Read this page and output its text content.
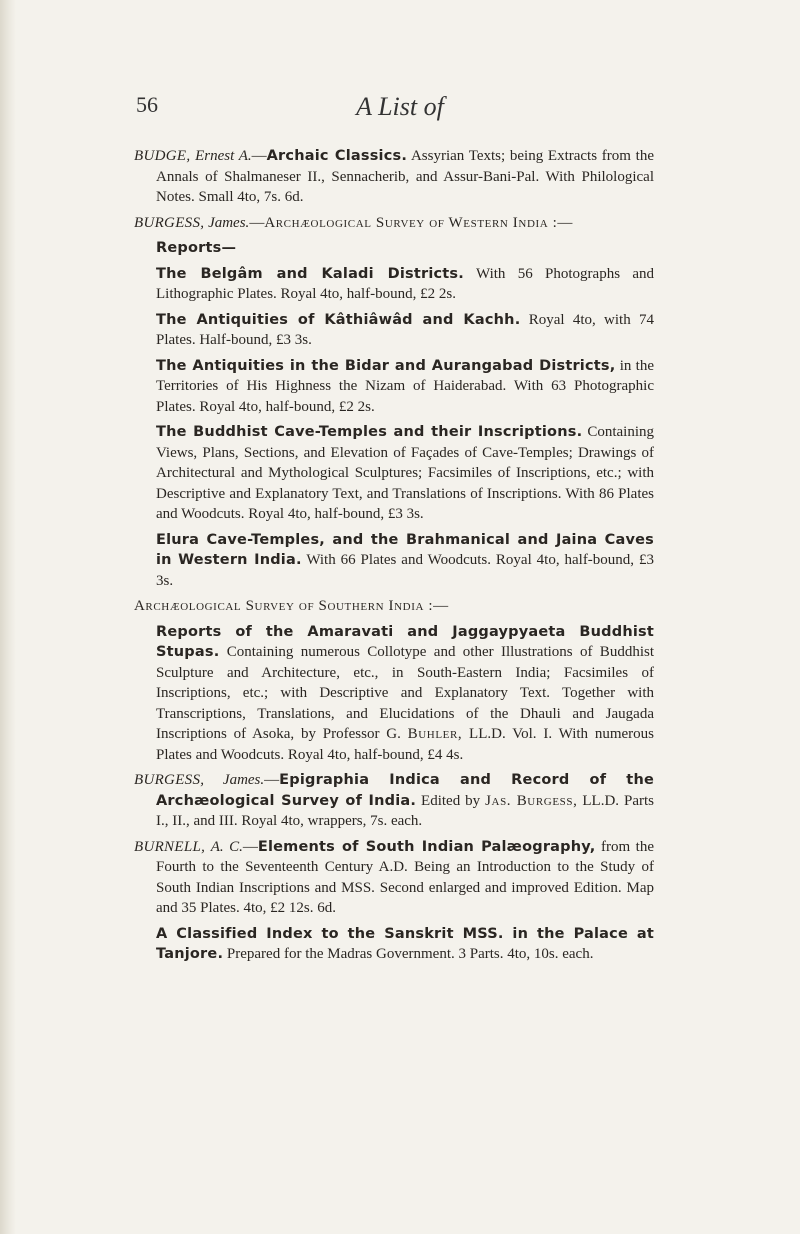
56	A List of

BUDGE, Ernest A.—Archaic Classics. Assyrian Texts; being Extracts from the Annals of Shalmaneser II., Sennacherib, and Assur-Bani-Pal. With Philological Notes. Small 4to, 7s. 6d.

BURGESS, James.—Archæological Survey of Western India :—

Reports—

The Belgâm and Kaladi Districts. With 56 Photographs and Lithographic Plates. Royal 4to, half-bound, £2 2s.

The Antiquities of Kâthiâwâd and Kachh. Royal 4to, with 74 Plates. Half-bound, £3 3s.

The Antiquities in the Bidar and Aurangabad Districts, in the Territories of His Highness the Nizam of Haiderabad. With 63 Photographic Plates. Royal 4to, half-bound, £2 2s.

The Buddhist Cave-Temples and their Inscriptions. Containing Views, Plans, Sections, and Elevation of Façades of Cave-Temples; Drawings of Architectural and Mythological Sculptures; Facsimiles of Inscriptions, etc.; with Descriptive and Explanatory Text, and Translations of Inscriptions. With 86 Plates and Woodcuts. Royal 4to, half-bound, £3 3s.

Elura Cave-Temples, and the Brahmanical and Jaina Caves in Western India. With 66 Plates and Woodcuts. Royal 4to, half-bound, £3 3s.

Archæological Survey of Southern India :—

Reports of the Amaravati and Jaggaypyaeta Buddhist Stupas. Containing numerous Collotype and other Illustrations of Buddhist Sculpture and Architecture, etc., in South-Eastern India; Facsimiles of Inscriptions, etc.; with Descriptive and Explanatory Text. Together with Transcriptions, Translations, and Elucidations of the Dhauli and Jaugada Inscriptions of Asoka, by Professor G. Buhler, LL.D. Vol. I. With numerous Plates and Woodcuts. Royal 4to, half-bound, £4 4s.

BURGESS, James.—Epigraphia Indica and Record of the Archæological Survey of India. Edited by Jas. Burgess, LL.D. Parts I., II., and III. Royal 4to, wrappers, 7s. each.

BURNELL, A. C.—Elements of South Indian Palæography, from the Fourth to the Seventeenth Century A.D. Being an Introduction to the Study of South Indian Inscriptions and MSS. Second enlarged and improved Edition. Map and 35 Plates. 4to, £2 12s. 6d.

A Classified Index to the Sanskrit MSS. in the Palace at Tanjore. Prepared for the Madras Government. 3 Parts. 4to, 10s. each.
